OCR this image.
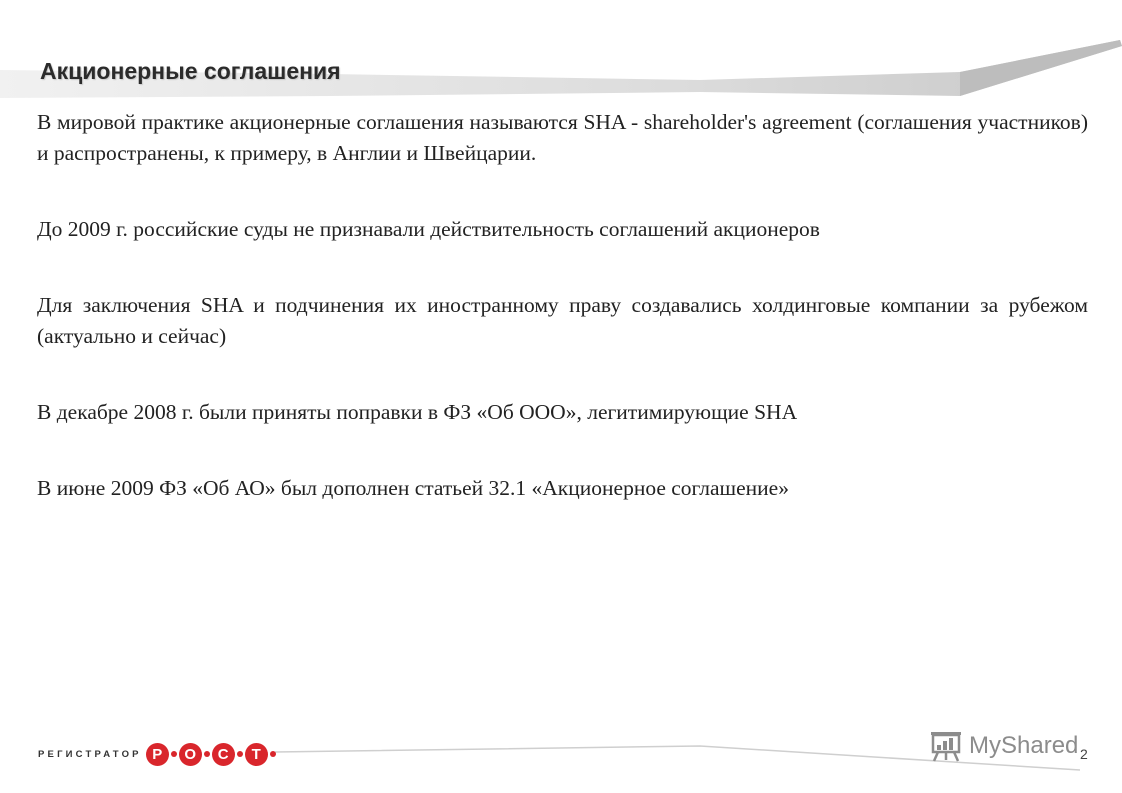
Акционерные соглашения

В мировой практике акционерные соглашения называются SHA - shareholder's agreement (соглашения участников) и распространены, к примеру, в Англии и Швейцарии.

До 2009 г. российские суды не признавали действительность соглашений акционеров

Для заключения SHA и подчинения их иностранному праву создавались холдинговые компании за рубежом (актуально и сейчас)

В декабре 2008 г. были приняты поправки в ФЗ «Об ООО», легитимирующие SHA

В июне 2009 ФЗ «Об АО» был дополнен статьей 32.1 «Акционерное соглашение»

РЕГИСТРАТОР Р	О	С	Т	MyShared 2
